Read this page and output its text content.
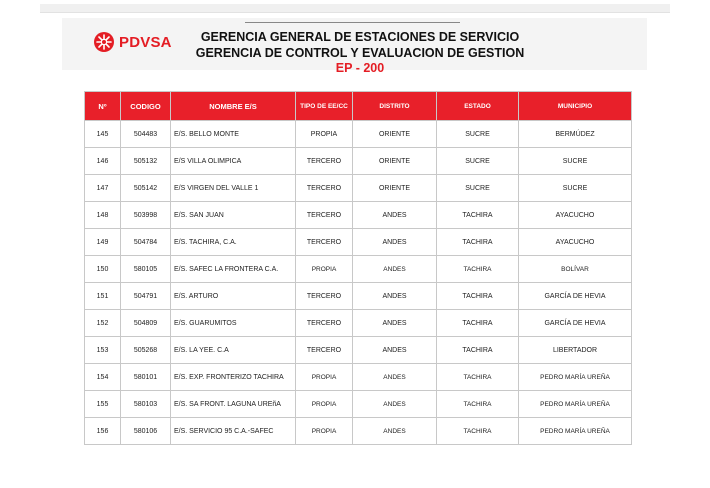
PDVSA	GERENCIA GENERAL DE ESTACIONES DE SERVICIO
GERENCIA DE CONTROL Y EVALUACION DE GESTION
EP - 200
Nº	CODIGO	NOMBRE E/S	TIPO DE EE/CC	DISTRITO	ESTADO	MUNICIPIO
145	504483	E/S. BELLO MONTE	PROPIA	ORIENTE	SUCRE	BERMÚDEZ
146	505132	E/S VILLA OLIMPICA	TERCERO	ORIENTE	SUCRE	SUCRE
147	505142	E/S VIRGEN DEL VALLE 1	TERCERO	ORIENTE	SUCRE	SUCRE
148	503998	E/S. SAN JUAN	TERCERO	ANDES	TACHIRA	AYACUCHO
149	504784	E/S. TACHIRA, C.A.	TERCERO	ANDES	TACHIRA	AYACUCHO
150	580105	E/S. SAFEC LA FRONTERA C.A.	PROPIA	ANDES	TACHIRA	BOLÍVAR
151	504791	E/S. ARTURO	TERCERO	ANDES	TACHIRA	GARCÍA DE HEVIA
152	504809	E/S. GUARUMITOS	TERCERO	ANDES	TACHIRA	GARCÍA DE HEVIA
153	505268	E/S. LA YEE. C.A	TERCERO	ANDES	TACHIRA	LIBERTADOR
154	580101	E/S. EXP. FRONTERIZO TACHIRA	PROPIA	ANDES	TACHIRA	PEDRO MARÍA UREÑA
155	580103	E/S. SA FRONT. LAGUNA UREñA	PROPIA	ANDES	TACHIRA	PEDRO MARÍA UREÑA
156	580106	E/S. SERVICIO 95 C.A.-SAFEC	PROPIA	ANDES	TACHIRA	PEDRO MARÍA UREÑA
